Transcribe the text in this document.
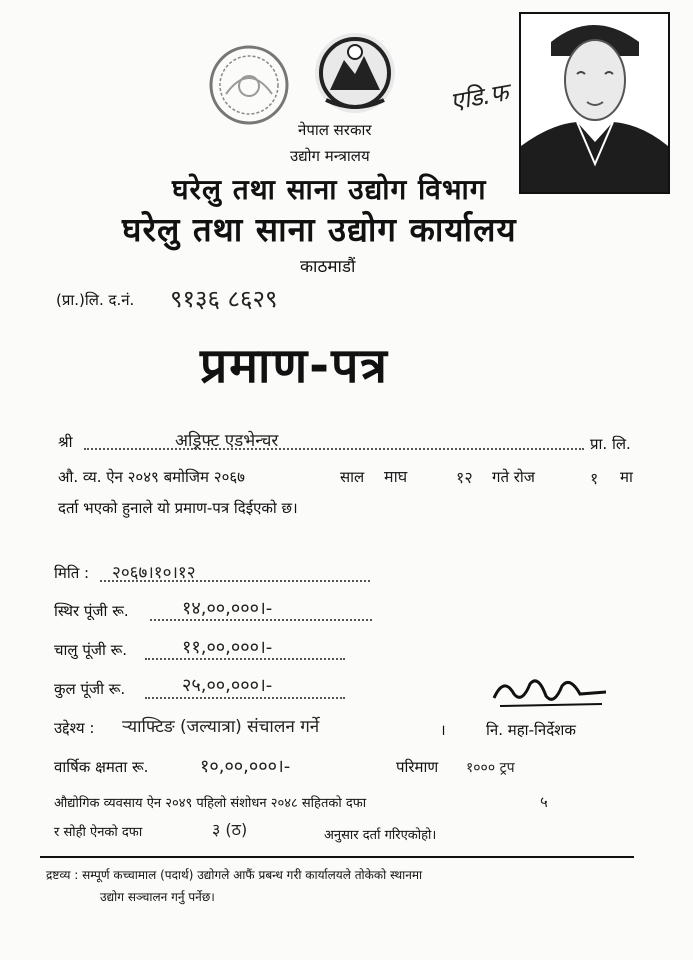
नेपाल सरकार
उद्योग मन्त्रालय
घरेलु तथा साना उद्योग विभाग
घरेलु तथा साना उद्योग कार्यालय
काठमाडौं
एडि.फ
(प्रा.)लि. द.नं. ९१३६ ८६२९
प्रमाण-पत्र
श्री	अड्रिफ्ट एडभेन्चर	प्रा. लि.
औ. व्य. ऐन २०४९ बमोजिम २०६७	साल माघ	१२ गते रोज	१ मा
दर्ता भएको हुनाले यो प्रमाण-पत्र दिईएको छ।
मिति : २०६७।१०।१२
स्थिर पूंजी रू.	१४,००,०००।-
चालु पूंजी रू.	११,००,०००।-
कुल पूंजी रू.	२५,००,०००।-
उद्देश्य : र्‍याफ्टिङ (जल्यात्रा) संचालन गर्ने	।	नि. महा-निर्देशक
वार्षिक क्षमता रू.	१०,००,०००।-	परिमाण १००० ट्रप
औद्योगिक व्यवसाय ऐन २०४९ पहिलो संशोधन २०४८ सहितको दफा	५
र सोही ऐनको दफा	३ (ठ)	अनुसार दर्ता गरिएकोहो।
द्रष्टव्य : सम्पूर्ण कच्चामाल (पदार्थ) उद्योगले आफैं प्रबन्ध गरी कार्यालयले तोकेको स्थानमा
उद्योग सञ्चालन गर्नु पर्नेछ।
